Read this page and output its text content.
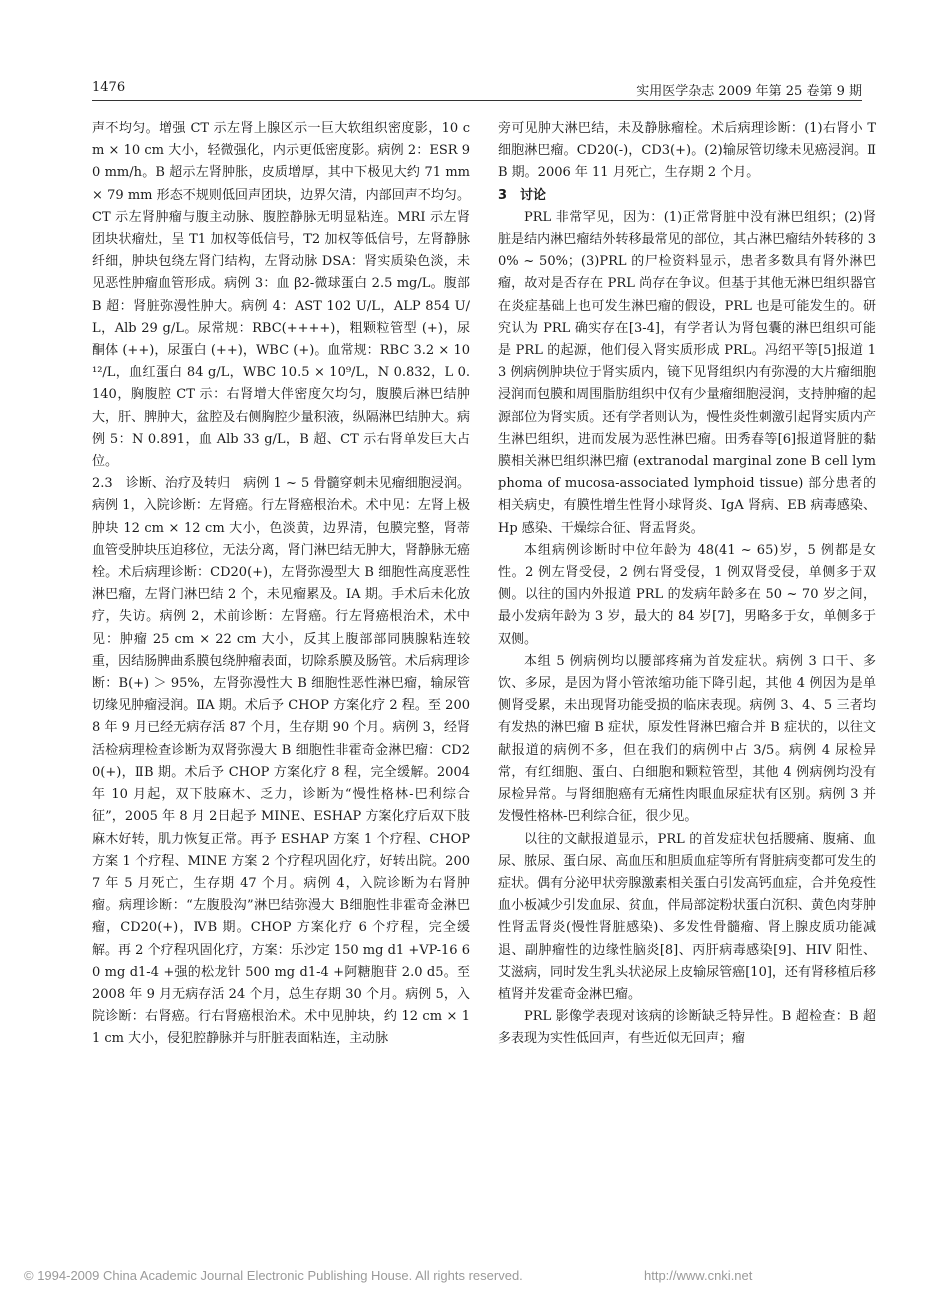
1476	实用医学杂志 2009 年第 25 卷第 9 期

声不均匀。增强 CT 示左肾上腺区示一巨大软组织密度影，10 cm × 10 cm 大小，轻微强化，内示更低密度影。病例 2：ESR 90 mm/h。B 超示左肾肿胀，皮质增厚，其中下极见大约 71 mm × 79 mm 形态不规则低回声团块，边界欠清，内部回声不均匀。CT 示左肾肿瘤与腹主动脉、腹腔静脉无明显粘连。MRI 示左肾团块状瘤灶，呈 T1 加权等低信号，T2 加权等低信号，左肾静脉纤细，肿块包绕左肾门结构，左肾动脉 DSA：肾实质染色淡，未见恶性肿瘤血管形成。病例 3：血 β2-微球蛋白 2.5 mg/L。腹部 B 超：肾脏弥漫性肿大。病例 4：AST 102 U/L，ALP 854 U/L，Alb 29 g/L。尿常规：RBC(++++)，粗颗粒管型 (+)，尿酮体 (++)，尿蛋白 (++)，WBC (+)。血常规：RBC 3.2 × 10¹²/L，血红蛋白 84 g/L，WBC 10.5 × 10⁹/L，N 0.832，L 0.140，胸腹腔 CT 示：右肾增大伴密度欠均匀，腹膜后淋巴结肿大，肝、脾肿大，盆腔及右侧胸腔少量积液，纵隔淋巴结肿大。病例 5：N 0.891，血 Alb 33 g/L，B 超、CT 示右肾单发巨大占位。

2.3　诊断、治疗及转归　病例 1 ~ 5 骨髓穿刺未见瘤细胞浸润。病例 1，入院诊断：左肾癌。行左肾癌根治术。术中见：左肾上极肿块 12 cm × 12 cm 大小，色淡黄，边界清，包膜完整，肾蒂血管受肿块压迫移位，无法分离，肾门淋巴结无肿大，肾静脉无癌栓。术后病理诊断：CD20(+)，左肾弥漫型大 B 细胞性高度恶性淋巴瘤，左肾门淋巴结 2 个，未见瘤累及。ⅠA 期。手术后未化放疗，失访。病例 2，术前诊断：左肾癌。行左肾癌根治术，术中见：肿瘤 25 cm × 22 cm 大小，反其上腹部部同胰腺粘连较重，因结肠脾曲系膜包绕肿瘤表面，切除系膜及肠管。术后病理诊断：B(+) ＞ 95%，左肾弥漫性大 B 细胞性恶性淋巴瘤，输尿管切缘见肿瘤浸润。ⅡA 期。术后予 CHOP 方案化疗 2 程。至 2008 年 9 月已经无病存活 87 个月，生存期 90 个月。病例 3，经肾活检病理检查诊断为双肾弥漫大 B 细胞性非霍奇金淋巴瘤：CD20(+)，ⅡB 期。术后予 CHOP 方案化疗 8 程，完全缓解。2004 年 10 月起，双下肢麻木、乏力，诊断为“慢性格林-巴利综合征”，2005 年 8 月 2日起予 MINE、ESHAP 方案化疗后双下肢麻木好转，肌力恢复正常。再予 ESHAP 方案 1 个疗程、CHOP 方案 1 个疗程、MINE 方案 2 个疗程巩固化疗，好转出院。2007 年 5 月死亡，生存期 47 个月。病例 4，入院诊断为右肾肿瘤。病理诊断：“左腹股沟”淋巴结弥漫大 B细胞性非霍奇金淋巴瘤，CD20(+)，ⅣB 期。CHOP 方案化疗 6 个疗程，完全缓解。再 2 个疗程巩固化疗，方案：乐沙定 150 mg d1 +VP-16 60 mg d1-4 +强的松龙针 500 mg d1-4 +阿糖胞苷 2.0 d5。至 2008 年 9 月无病存活 24 个月，总生存期 30 个月。病例 5，入院诊断：右肾癌。行右肾癌根治术。术中见肿块，约 12 cm × 11 cm 大小，侵犯腔静脉并与肝脏表面粘连，主动脉

旁可见肿大淋巴结，未及静脉瘤栓。术后病理诊断：(1)右肾小 T 细胞淋巴瘤。CD20(-)，CD3(+)。(2)输尿管切缘未见癌浸润。ⅡB 期。2006 年 11 月死亡，生存期 2 个月。

3　讨论

PRL 非常罕见，因为：(1)正常肾脏中没有淋巴组织；(2)肾脏是结内淋巴瘤结外转移最常见的部位，其占淋巴瘤结外转移的 30% ~ 50%；(3)PRL 的尸检资料显示，患者多数具有肾外淋巴瘤，故对是否存在 PRL 尚存在争议。但基于其他无淋巴组织器官在炎症基础上也可发生淋巴瘤的假设，PRL 也是可能发生的。研究认为 PRL 确实存在[3-4]，有学者认为肾包囊的淋巴组织可能是 PRL 的起源，他们侵入肾实质形成 PRL。冯绍平等[5]报道 13 例病例肿块位于肾实质内，镜下见肾组织内有弥漫的大片瘤细胞浸润而包膜和周围脂肪组织中仅有少量瘤细胞浸润，支持肿瘤的起源部位为肾实质。还有学者则认为，慢性炎性刺激引起肾实质内产生淋巴组织，进而发展为恶性淋巴瘤。田秀春等[6]报道肾脏的黏膜相关淋巴组织淋巴瘤 (extranodal marginal zone B cell lymphoma of mucosa-associated lymphoid tissue) 部分患者的相关病史，有膜性增生性肾小球肾炎、IgA 肾病、EB 病毒感染、Hp 感染、干燥综合征、肾盂肾炎。

本组病例诊断时中位年龄为 48(41 ~ 65)岁，5 例都是女性。2 例左肾受侵，2 例右肾受侵，1 例双肾受侵，单侧多于双侧。以往的国内外报道 PRL 的发病年龄多在 50 ~ 70 岁之间，最小发病年龄为 3 岁，最大的 84 岁[7]，男略多于女，单侧多于双侧。

本组 5 例病例均以腰部疼痛为首发症状。病例 3 口干、多饮、多尿，是因为肾小管浓缩功能下降引起，其他 4 例因为是单侧肾受累，未出现肾功能受损的临床表现。病例 3、4、5 三者均有发热的淋巴瘤 B 症状，原发性肾淋巴瘤合并 B 症状的，以往文献报道的病例不多，但在我们的病例中占 3/5。病例 4 尿检异常，有红细胞、蛋白、白细胞和颗粒管型，其他 4 例病例均没有尿检异常。与肾细胞癌有无痛性肉眼血尿症状有区别。病例 3 并发慢性格林-巴利综合征，很少见。

以往的文献报道显示，PRL 的首发症状包括腰痛、腹痛、血尿、脓尿、蛋白尿、高血压和胆质血症等所有肾脏病变都可发生的症状。偶有分泌甲状旁腺激素相关蛋白引发高钙血症，合并免疫性血小板减少引发血尿、贫血，伴局部淀粉状蛋白沉积、黄色肉芽肿性肾盂肾炎(慢性肾脏感染)、多发性骨髓瘤、肾上腺皮质功能减退、副肿瘤性的边缘性脑炎[8]、丙肝病毒感染[9]、HIV 阳性、艾滋病，同时发生乳头状泌尿上皮输尿管癌[10]，还有肾移植后移植肾并发霍奇金淋巴瘤。

PRL 影像学表现对该病的诊断缺乏特异性。B 超检查：B 超多表现为实性低回声，有些近似无回声；瘤

© 1994-2009 China Academic Journal Electronic Publishing House. All rights reserved.	http://www.cnki.net
